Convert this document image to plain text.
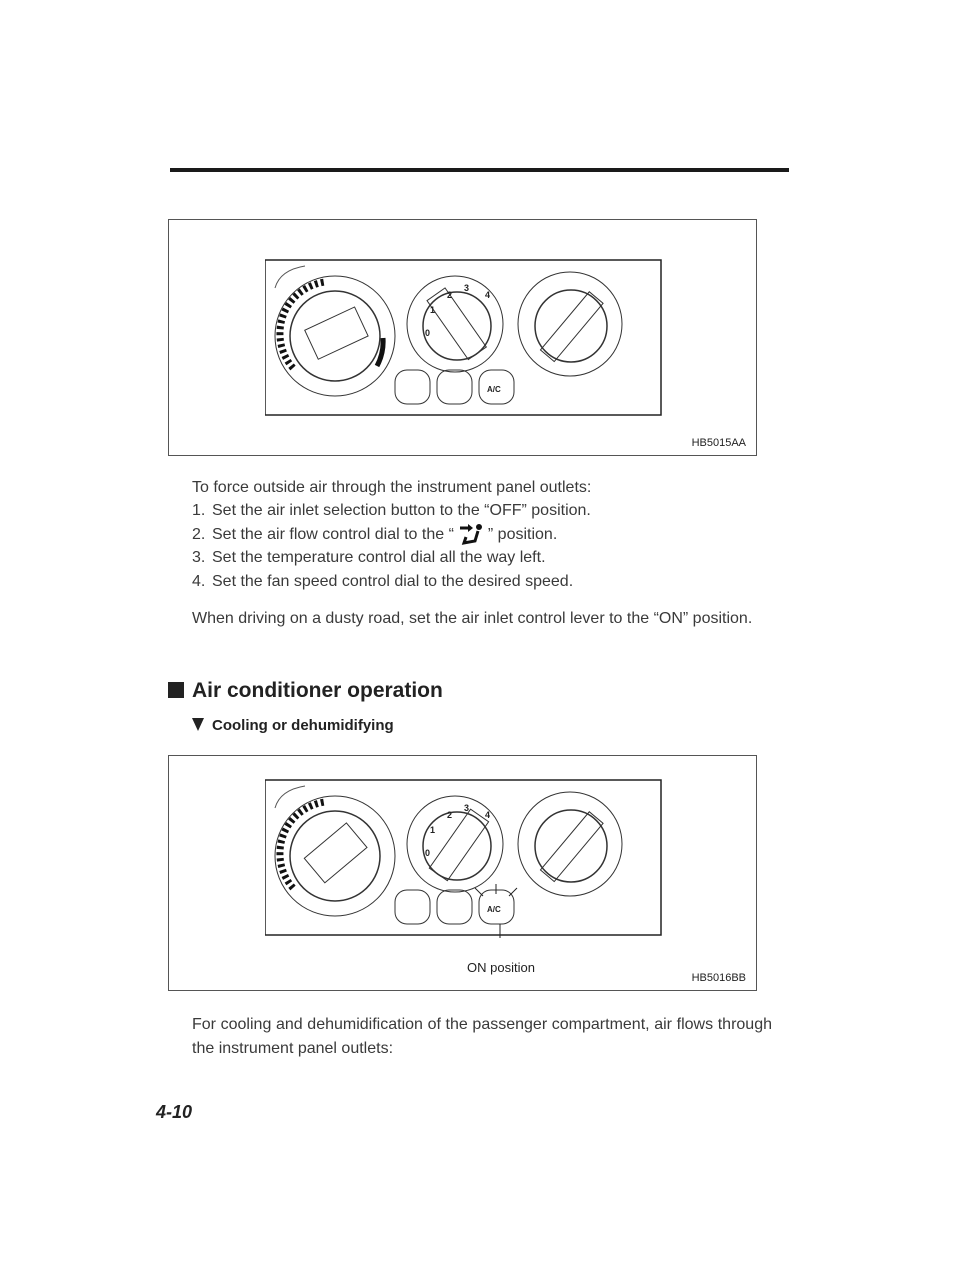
0
1
2
3
4
A/C
HB5015AA

To force outside air through the instrument panel outlets:

1. Set the air inlet selection button to the “OFF” position.
2. Set the air flow control dial to the “ ” position.
3. Set the temperature control dial all the way left.
4. Set the fan speed control dial to the desired speed.

When driving on a dusty road, set the air inlet control lever to the “ON” position.

Air conditioner operation
Cooling or dehumidifying
0
1
2
3
4
A/C
ON position
HB5016BB

For cooling and dehumidification of the passenger compartment, air flows through the instrument panel outlets:

4-10
